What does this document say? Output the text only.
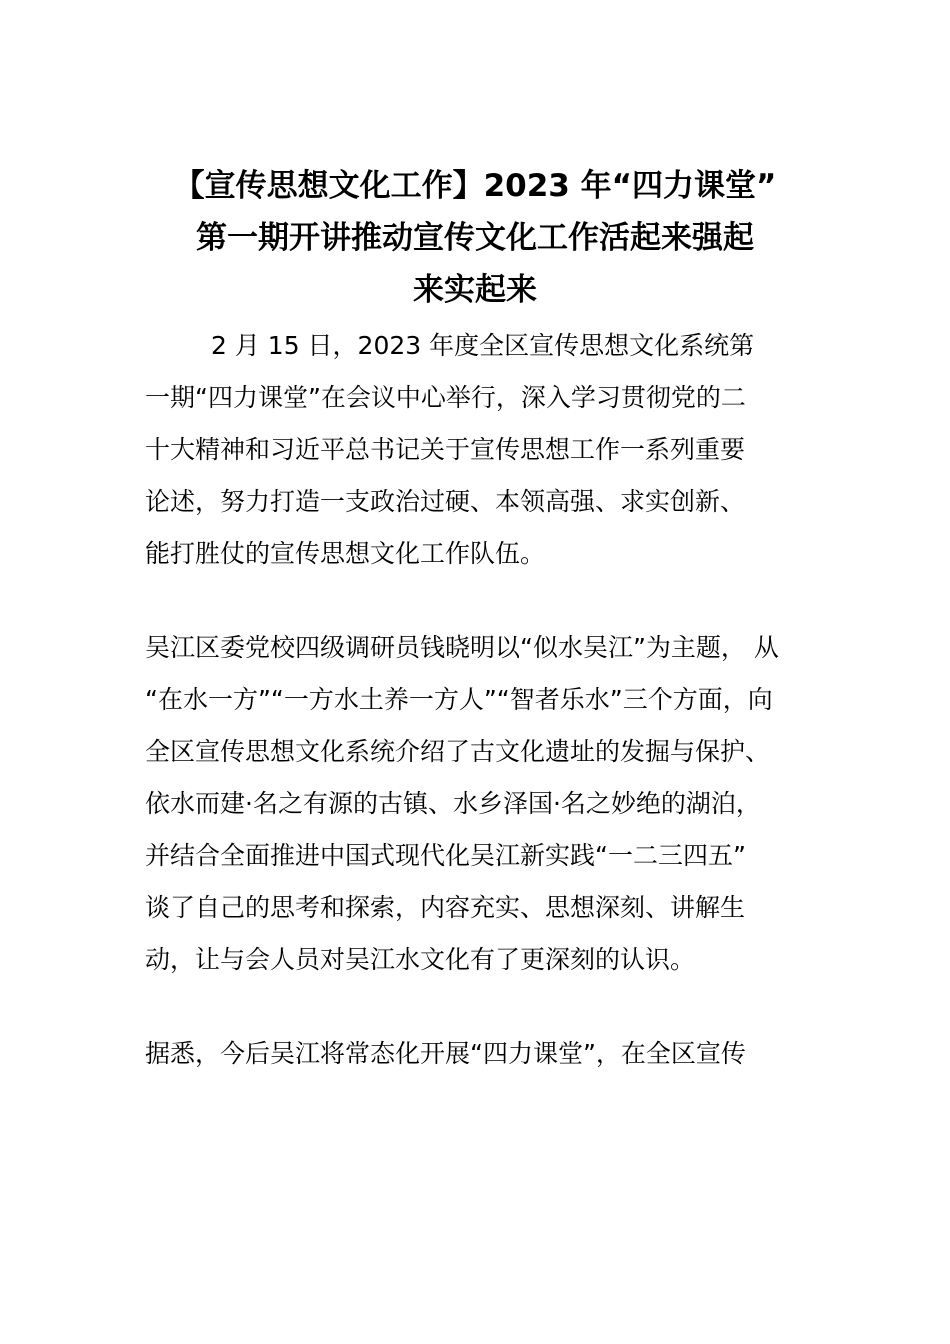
【宣传思想文化工作】2023 年“四力课堂”
第一期开讲推动宣传文化工作活起来强起
来实起来
2 月 15 日，2023 年度全区宣传思想文化系统第
一期“四力课堂”在会议中心举行，深入学习贯彻党的二
十大精神和习近平总书记关于宣传思想工作一系列重要
论述，努力打造一支政治过硬、本领高强、求实创新、
能打胜仗的宣传思想文化工作队伍。
吴江区委党校四级调研员钱晓明以“似水吴江”为主题， 从
“在水一方”“一方水土养一方人”“智者乐水”三个方面，向
全区宣传思想文化系统介绍了古文化遗址的发掘与保护、
依水而建·名之有源的古镇、水乡泽国·名之妙绝的湖泊，
并结合全面推进中国式现代化吴江新实践“一二三四五”
谈了自己的思考和探索，内容充实、思想深刻、讲解生
动，让与会人员对吴江水文化有了更深刻的认识。
据悉，今后吴江将常态化开展“四力课堂”，在全区宣传
